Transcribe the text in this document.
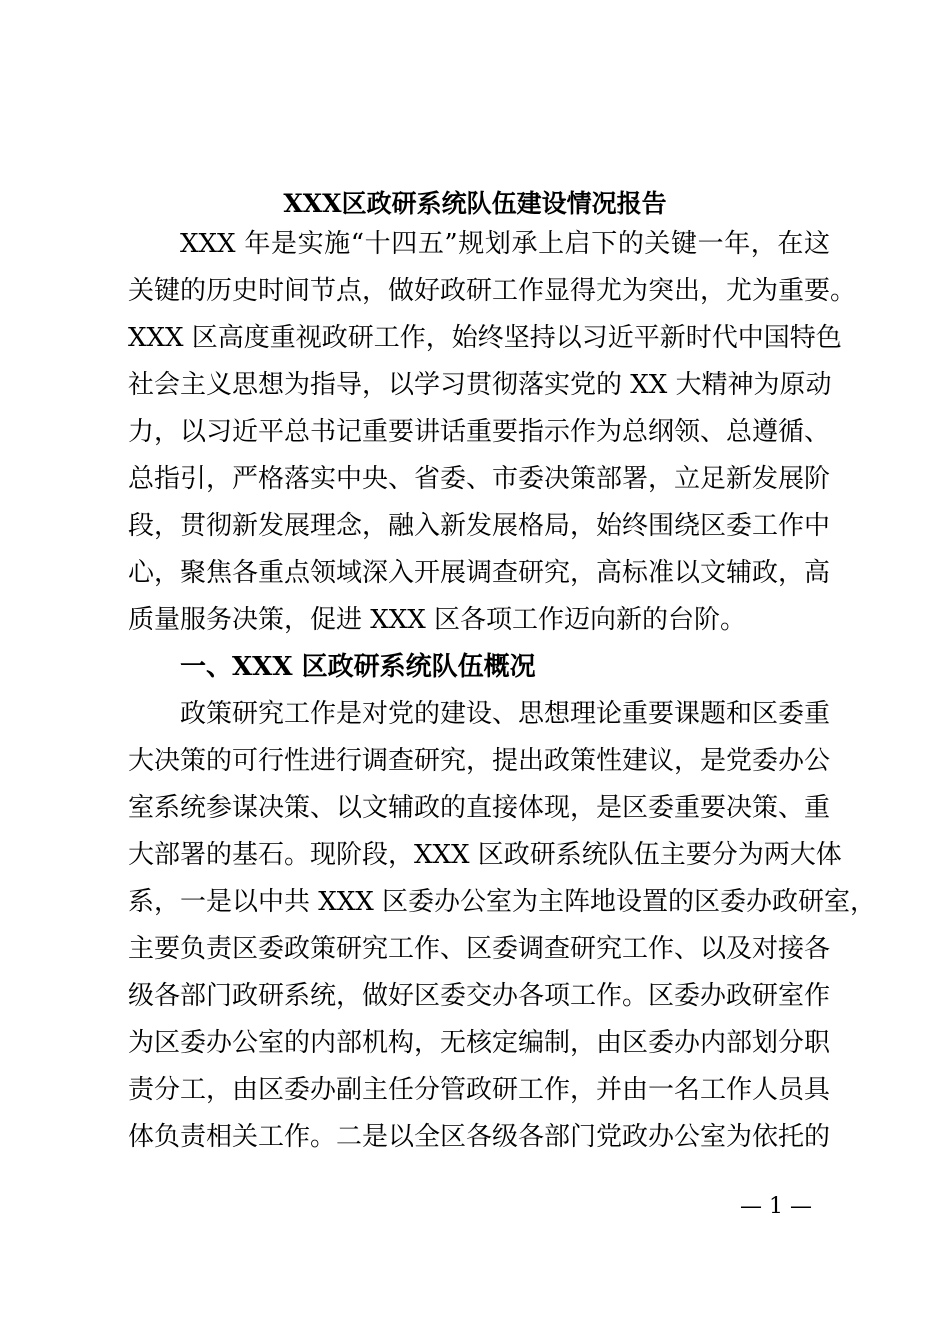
XXX区政研系统队伍建设情况报告
XXX 年是实施“十四五”规划承上启下的关键一年，在这
关键的历史时间节点，做好政研工作显得尤为突出，尤为重要。
XXX 区高度重视政研工作，始终坚持以习近平新时代中国特色
社会主义思想为指导，以学习贯彻落实党的 XX 大精神为原动
力，以习近平总书记重要讲话重要指示作为总纲领、总遵循、
总指引，严格落实中央、省委、市委决策部署，立足新发展阶
段，贯彻新发展理念，融入新发展格局，始终围绕区委工作中
心，聚焦各重点领域深入开展调查研究，高标准以文辅政，高
质量服务决策，促进 XXX 区各项工作迈向新的台阶。
一、XXX 区政研系统队伍概况
政策研究工作是对党的建设、思想理论重要课题和区委重
大决策的可行性进行调查研究，提出政策性建议，是党委办公
室系统参谋决策、以文辅政的直接体现，是区委重要决策、重
大部署的基石。现阶段，XXX 区政研系统队伍主要分为两大体
系，一是以中共 XXX 区委办公室为主阵地设置的区委办政研室，
主要负责区委政策研究工作、区委调查研究工作、以及对接各
级各部门政研系统，做好区委交办各项工作。区委办政研室作
为区委办公室的内部机构，无核定编制，由区委办内部划分职
责分工，由区委办副主任分管政研工作，并由一名工作人员具
体负责相关工作。二是以全区各级各部门党政办公室为依托的
— 1 —
